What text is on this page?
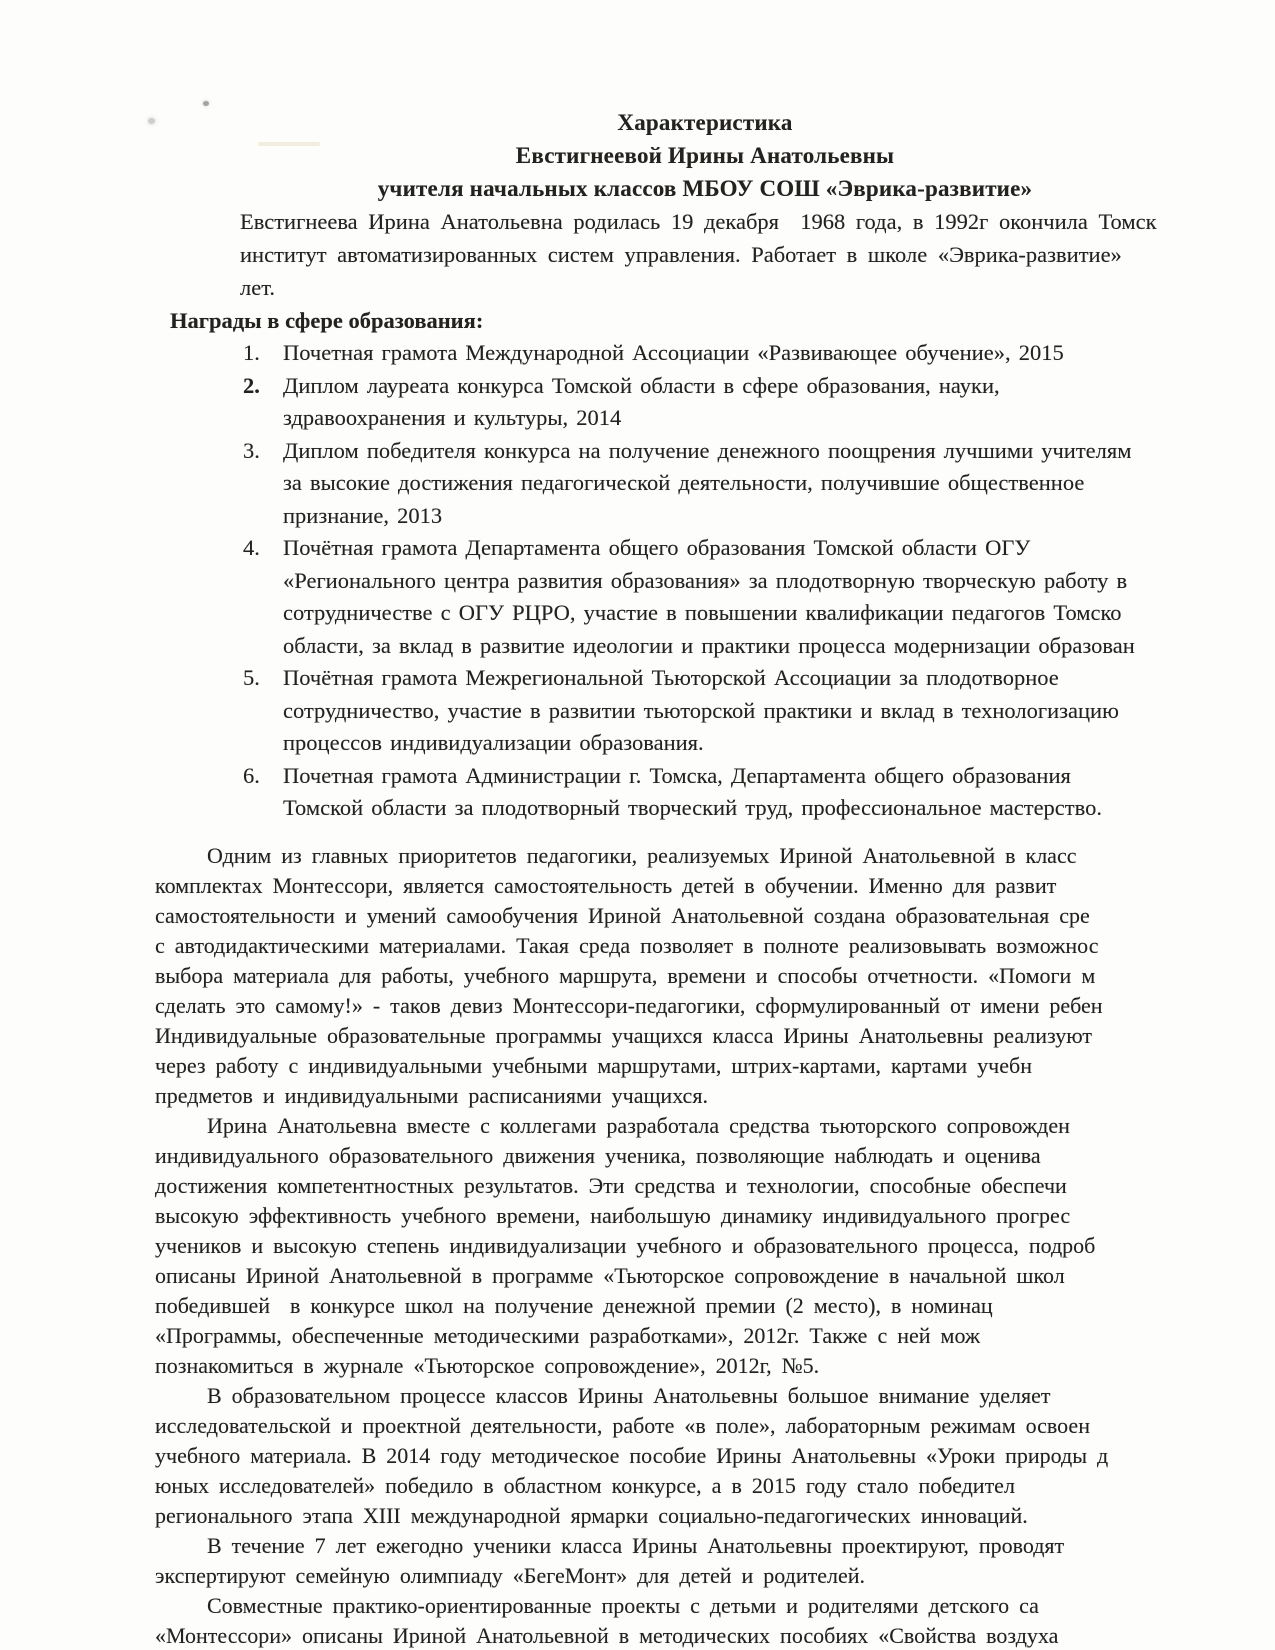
Характеристика
Евстигнеевой Ирины Анатольевны
учителя начальных классов МБОУ СОШ «Эврика-развитие»
Евстигнеева Ирина Анатольевна родилась 19 декабря  1968 года, в 1992г окончила Томск
институт автоматизированных систем управления. Работает в школе «Эврика-развитие»
лет.
Награды в сфере образования:
1.	Почетная грамота Международной Ассоциации «Развивающее обучение», 2015
2.	Диплом лауреата конкурса Томской области в сфере образования, науки,
здравоохранения и культуры, 2014
3.	Диплом победителя конкурса на получение денежного поощрения лучшими учителям
за высокие достижения педагогической деятельности, получившие общественное
признание, 2013
4.	Почётная грамота Департамента общего образования Томской области ОГУ
«Регионального центра развития образования» за плодотворную творческую работу в
сотрудничестве с ОГУ РЦРО, участие в повышении квалификации педагогов Томско
области, за вклад в развитие идеологии и практики процесса модернизации образован
5.	Почётная грамота Межрегиональной Тьюторской Ассоциации за плодотворное
сотрудничество, участие в развитии тьюторской практики и вклад в технологизацию
процессов индивидуализации образования.
6.	Почетная грамота Администрации г. Томска, Департамента общего образования
Томской области за плодотворный творческий труд, профессиональное мастерство.
Одним из главных приоритетов педагогики, реализуемых Ириной Анатольевной в класс
комплектах Монтессори, является самостоятельность детей в обучении. Именно для развит
самостоятельности и умений самообучения Ириной Анатольевной создана образовательная сре
с автодидактическими материалами. Такая среда позволяет в полноте реализовывать возможнос
выбора материала для работы, учебного маршрута, времени и способы отчетности. «Помоги м
сделать это самому!» - таков девиз Монтессори-педагогики, сформулированный от имени ребен
Индивидуальные образовательные программы учащихся класса Ирины Анатольевны реализуют
через работу с индивидуальными учебными маршрутами, штрих-картами, картами учебн
предметов и индивидуальными расписаниями учащихся.
Ирина Анатольевна вместе с коллегами разработала средства тьюторского сопровожден
индивидуального образовательного движения ученика, позволяющие наблюдать и оценива
достижения компетентностных результатов. Эти средства и технологии, способные обеспечи
высокую эффективность учебного времени, наибольшую динамику индивидуального прогрес
учеников и высокую степень индивидуализации учебного и образовательного процесса, подроб
описаны Ириной Анатольевной в программе «Тьюторское сопровождение в начальной школ
победившей  в конкурсе школ на получение денежной премии (2 место), в номинац
«Программы, обеспеченные методическими разработками», 2012г. Также с ней мож
познакомиться в журнале «Тьюторское сопровождение», 2012г, №5.
В образовательном процессе классов Ирины Анатольевны большое внимание уделяет
исследовательской и проектной деятельности, работе «в поле», лабораторным режимам освоен
учебного материала. В 2014 году методическое пособие Ирины Анатольевны «Уроки природы д
юных исследователей» победило в областном конкурсе, а в 2015 году стало победител
регионального этапа XIII международной ярмарки социально-педагогических инноваций.
В течение 7 лет ежегодно ученики класса Ирины Анатольевны проектируют, проводят
экспертируют семейную олимпиаду «БегеМонт» для детей и родителей.
Совместные практико-ориентированные проекты с детьми и родителями детского са
«Монтессори» описаны Ириной Анатольевной в методических пособиях «Свойства воздуха
